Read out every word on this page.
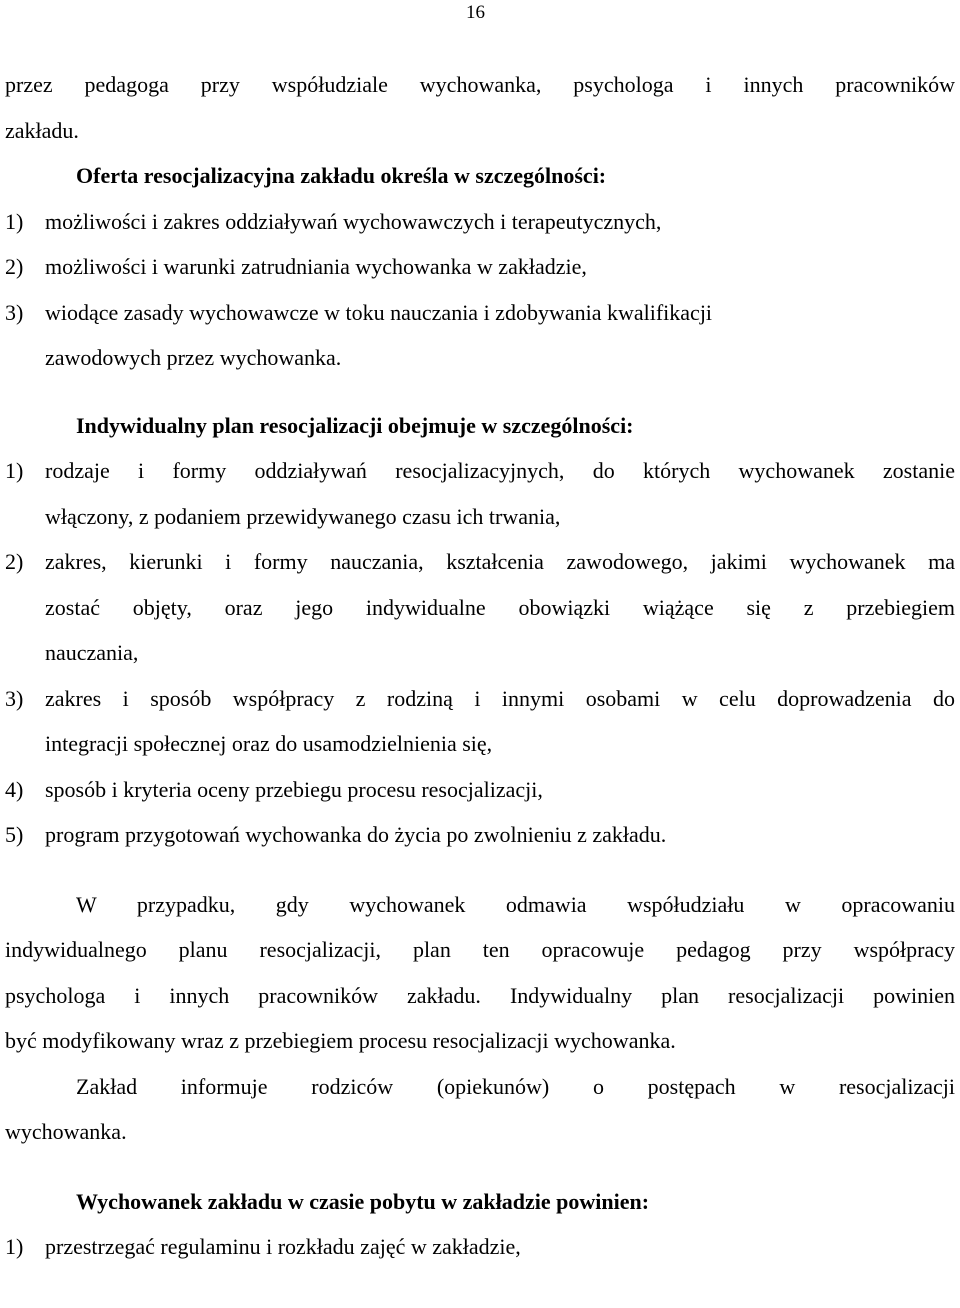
16

przez pedagoga przy współudziale wychowanka, psychologa i innych pracowników

zakładu.

Oferta resocjalizacyjna zakładu określa w szczególności:

1) możliwości i zakres oddziaływań wychowawczych i terapeutycznych,

2) możliwości i warunki zatrudniania wychowanka w zakładzie,

3) wiodące zasady wychowawcze w toku nauczania i zdobywania kwalifikacji

zawodowych przez wychowanka.

Indywidualny plan resocjalizacji obejmuje w szczególności:

1) rodzaje i formy oddziaływań resocjalizacyjnych, do których wychowanek zostanie

włączony, z podaniem przewidywanego czasu ich trwania,

2) zakres, kierunki i formy nauczania, kształcenia zawodowego, jakimi wychowanek ma

zostać objęty, oraz jego indywidualne obowiązki wiążące się z przebiegiem

nauczania,

3) zakres i sposób współpracy z rodziną i innymi osobami w celu doprowadzenia do

integracji społecznej oraz do usamodzielnienia się,

4) sposób i kryteria oceny przebiegu procesu resocjalizacji,

5) program przygotowań wychowanka do życia po zwolnieniu z zakładu.

W przypadku, gdy wychowanek odmawia współudziału w opracowaniu

indywidualnego planu resocjalizacji, plan ten opracowuje pedagog przy współpracy

psychologa i innych pracowników zakładu. Indywidualny plan resocjalizacji powinien

być modyfikowany wraz z przebiegiem procesu resocjalizacji wychowanka.

Zakład informuje rodziców (opiekunów) o postępach w resocjalizacji

wychowanka.

Wychowanek zakładu w czasie pobytu w zakładzie powinien:

1) przestrzegać regulaminu i rozkładu zajęć w zakładzie,
